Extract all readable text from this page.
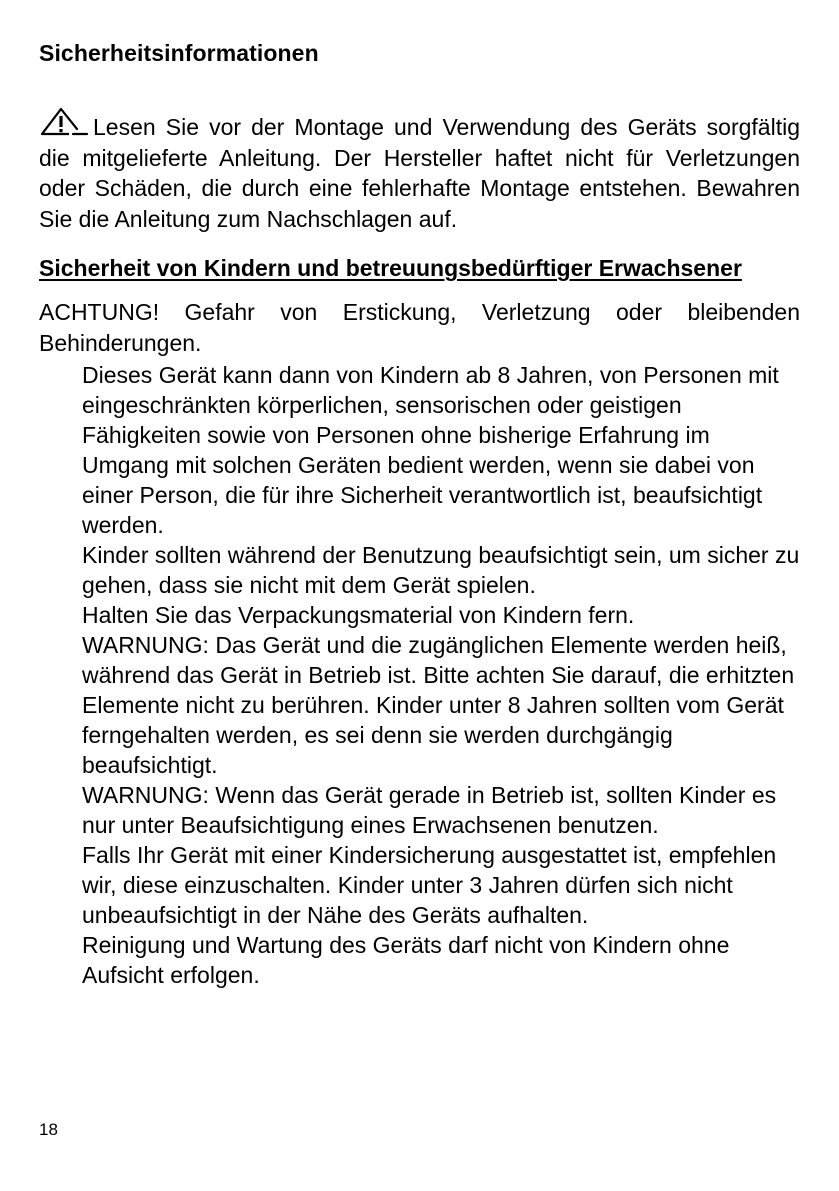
Sicherheitsinformationen

Lesen Sie vor der Montage und Verwendung des Geräts sorgfältig die mitgelieferte Anleitung. Der Hersteller haftet nicht für Verletzungen oder Schäden, die durch eine fehlerhafte Montage entstehen. Bewahren Sie die Anleitung zum Nachschlagen auf.

Sicherheit von Kindern und betreuungsbedürftiger Erwachsener

ACHTUNG! Gefahr von Erstickung, Verletzung oder bleibenden Behinderungen.

Dieses Gerät kann dann von Kindern ab 8 Jahren, von Personen mit eingeschränkten körperlichen, sensorischen oder geistigen Fähigkeiten sowie von Personen ohne bisherige Erfahrung im Umgang mit solchen Geräten bedient werden, wenn sie dabei von einer Person, die für ihre Sicherheit verantwortlich ist, beaufsichtigt werden.
Kinder sollten während der Benutzung beaufsichtigt sein, um sicher zu gehen, dass sie nicht mit dem Gerät spielen.
Halten Sie das Verpackungsmaterial von Kindern fern.
WARNUNG: Das Gerät und die zugänglichen Elemente werden heiß, während das Gerät in Betrieb ist. Bitte achten Sie darauf, die erhitzten Elemente nicht zu berühren. Kinder unter 8 Jahren sollten vom Gerät ferngehalten werden, es sei denn sie werden durchgängig beaufsichtigt.
WARNUNG: Wenn das Gerät gerade in Betrieb ist, sollten Kinder es nur unter Beaufsichtigung eines Erwachsenen benutzen.
Falls Ihr Gerät mit einer Kindersicherung ausgestattet ist, empfehlen wir, diese einzuschalten. Kinder unter 3 Jahren dürfen sich nicht unbeaufsichtigt in der Nähe des Geräts aufhalten.
Reinigung und Wartung des Geräts darf nicht von Kindern ohne Aufsicht erfolgen.
18
